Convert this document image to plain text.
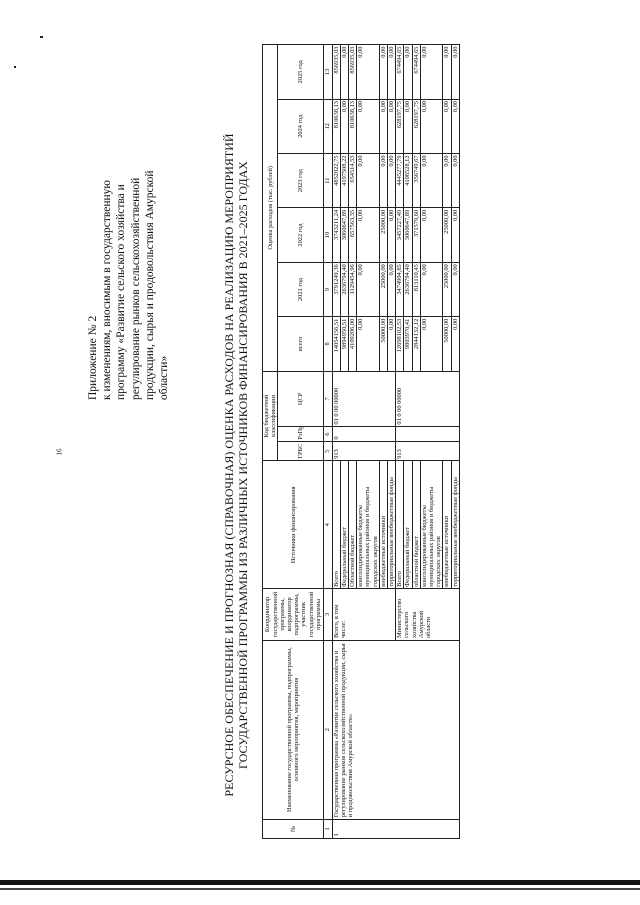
16

Приложение № 2 к изменениям, вносимым в государственную программу «Развитие сельского хозяйства и регулирование рынков сельскохозяйственной продукции, сырья и продовольствия Амурской области»	РЕСУРСНОЕ ОБЕСПЕЧЕНИЕ И ПРОГНОЗНАЯ (СПРАВОЧНАЯ) ОЦЕНКА РАСХОДОВ НА РЕАЛИЗАЦИЮ МЕРОПРИЯТИЙ ГОСУДАРСТВЕННОЙ ПРОГРАММЫ ИЗ РАЗЛИЧНЫХ ИСТОЧНИКОВ ФИНАНСИРОВАНИЯ В 2021–2025 ГОДАХ

№	Наименование государственной программы, подпрограммы, основного мероприятия, мероприятия	Координатор государственной программы, координатор подпрограммы, участник государственной программы	Источники финансирования	Код бюджетной классификации			Оценка расходов (тыс. рублей)					
				ГРБС	РзПр	ЦСР	всего	2021 год	2022 год	2023 год	2024 год	2025 год

1	2	3	4	5	6	7	8	9	10	11	12	13
1	Государственная программа «Развитие сельского хозяйства и регулирование рынков сельскохозяйственной продукции, сырья и продовольствия Амурской области»	Всего, в том числе:	Всего	913	0	01 0 00 00000	14054156,51	3791249,36	3743211,24	4852022,75	810638,13	856935,03
			Федеральный бюджет				9894950,51	2636794,40	3060647,89	4197508,22	0,00	0,00
			Областной бюджет				4109206,00	1129454,96	657563,35	654514,53	810638,13	856935,03
			консолидированные бюджеты муниципальных районов и бюджеты городских округов				0,00	0,00	0,00	0,00	0,00	0,00
			внебюджетные источники				50000,00	25000,00	25000,00	0,00	0,00	0,00
			территориальные внебюджетные фонды				0,00	0,00	0,00	0,00	0,00	0,00
		Министерство сельского хозяйства Амурской области	Всего	913		01 0 00 00000	12698102,53	3474904,85	3457227,49	4445277,79	628197,75	674494,65
			Федеральный бюджет				9803970,41	2636794,40	3060647,89	4106528,12	0,00	0,00
			областной бюджет				2844132,12	813110,45	371579,60	356749,67	628197,75	674494,65
			консолидированные бюджеты муниципальных районов и бюджеты городских округов				0,00	0,00	0,00	0,00	0,00	0,00
			внебюджетные источники				50000,00	25000,00	25000,00	0,00	0,00	0,00
			территориальные внебюджетные фонды				0,00	0,00	0,00	0,00	0,00	0,00
